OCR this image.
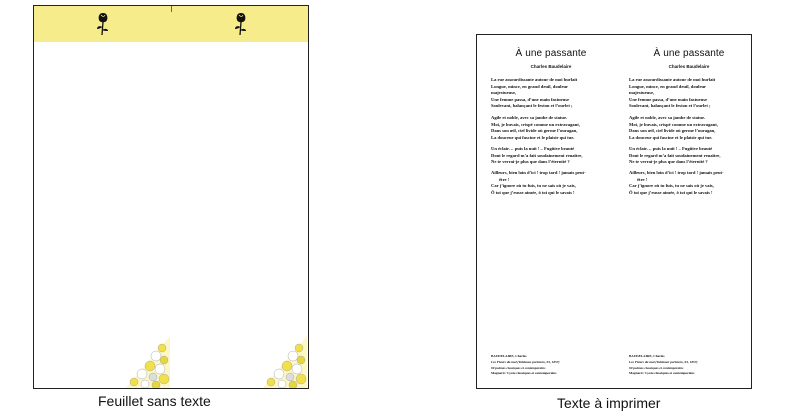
Feuillet sans texte
À une passante
Charles Baudelaire
La rue assourdissante autour de moi hurlait
Longue, mince, en grand deuil, douleur
majestueuse,
Une femme passa, d’une main fastueuse
Soulevant, balançant le feston et l’ourlet ;
Agile et noble, avec sa jambe de statue.
Moi, je buvais, crispé comme un extravagant,
Dans son œil, ciel livide où germe l’ouragan,
La douceur qui fascine et le plaisir qui tue.
Un éclair… puis la nuit ! – Fugitive beauté
Dont le regard m’a fait soudainement renaître,
Ne te verrai-je plus que dans l’éternité ?
Ailleurs, bien loin d’ici ! trop tard ! jamais peut-
être !
Car j’ignore où tu fuis, tu ne sais où je vais,
Ô toi que j’eusse aimée, ô toi qui le savais !
BAUDELAIRE, Charles
Les Fleurs du mal (Tableaux parisiens, 93, 1857)
90 poèmes classiques et contemporains
Magnard / Lycée classiques et contemporains
À une passante
Charles Baudelaire
La rue assourdissante autour de moi hurlait
Longue, mince, en grand deuil, douleur
majestueuse,
Une femme passa, d’une main fastueuse
Soulevant, balançant le feston et l’ourlet ;
Agile et noble, avec sa jambe de statue.
Moi, je buvais, crispé comme un extravagant,
Dans son œil, ciel livide où germe l’ouragan,
La douceur qui fascine et le plaisir qui tue.
Un éclair… puis la nuit ! – Fugitive beauté
Dont le regard m’a fait soudainement renaître,
Ne te verrai-je plus que dans l’éternité ?
Ailleurs, bien loin d’ici ! trop tard ! jamais peut-
être !
Car j’ignore où tu fuis, tu ne sais où je vais,
Ô toi que j’eusse aimée, ô toi qui le savais !
BAUDELAIRE, Charles
Les Fleurs du mal (Tableaux parisiens, 93, 1857)
90 poèmes classiques et contemporains
Magnard / Lycée classiques et contemporains
Texte à imprimer
